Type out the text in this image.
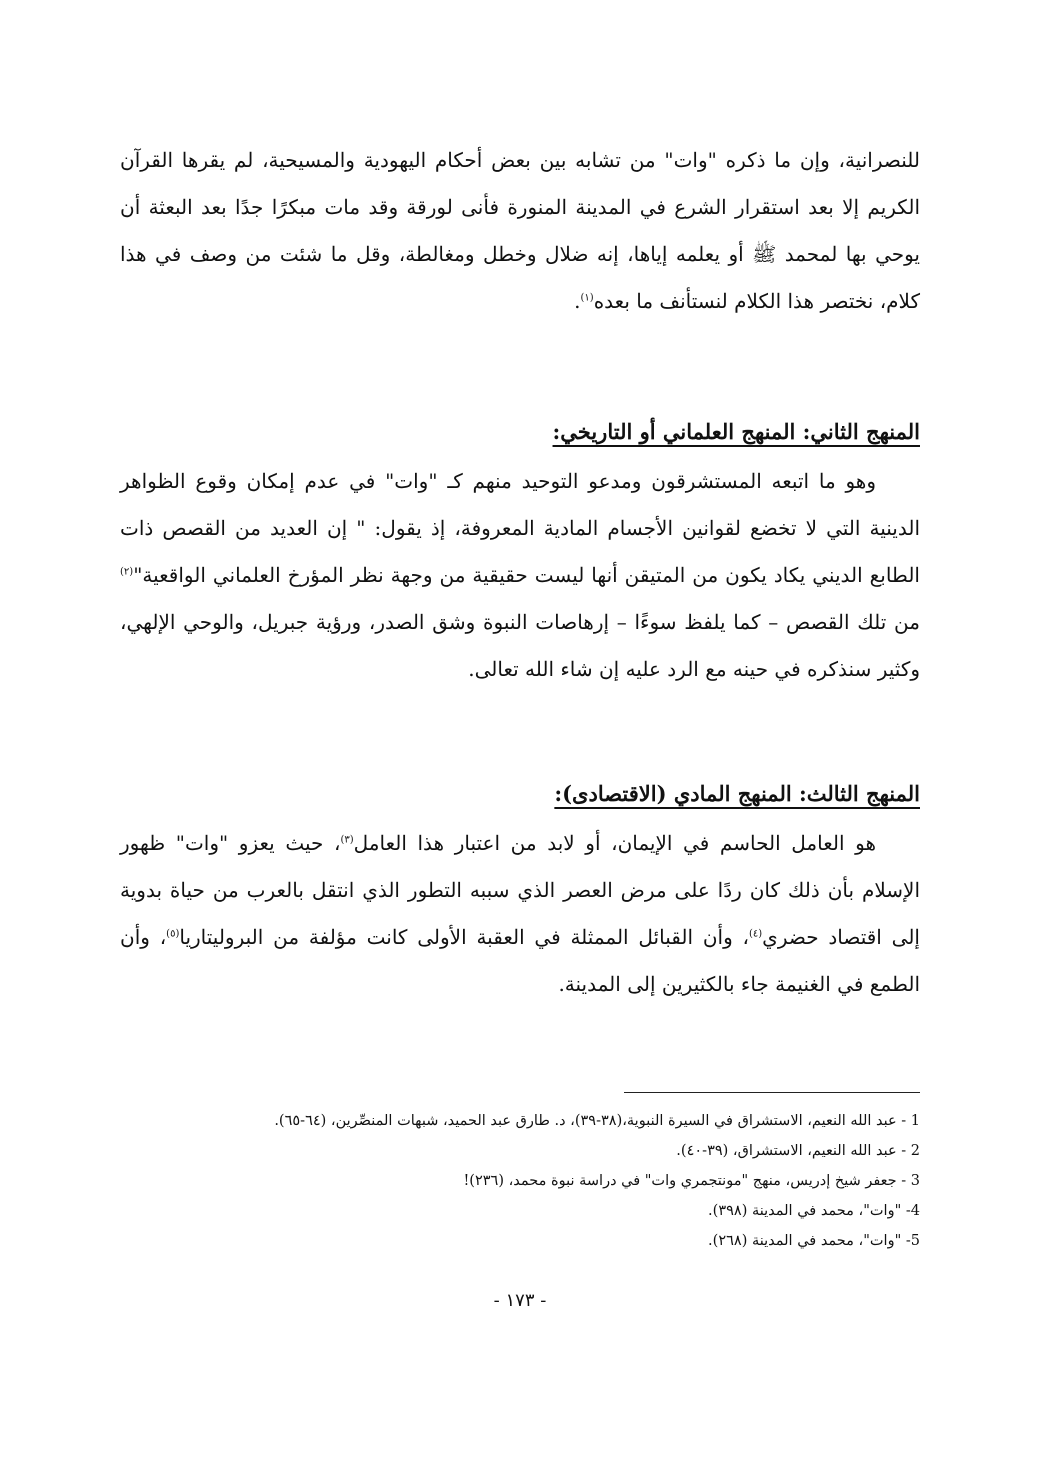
للنصرانية، وإن ما ذكره "وات" من تشابه بين بعض أحكام اليهودية والمسيحية، لم يقرها القرآن الكريم إلا بعد استقرار الشرع في المدينة المنورة فأنى لورقة وقد مات مبكرًا جدًا بعد البعثة أن يوحي بها لمحمد ﷺ أو يعلمه إياها، إنه ضلال وخطل ومغالطة، وقل ما شئت من وصف في هذا كلام، نختصر هذا الكلام لنستأنف ما بعده$^{(١)}$.

المنهج الثاني: المنهج العلماني أو التاريخي:

وهو ما اتبعه المستشرقون ومدعو التوحيد منهم كـ "وات" في عدم إمكان وقوع الظواهر الدينية التي لا تخضع لقوانين الأجسام المادية المعروفة، إذ يقول: " إن العديد من القصص ذات الطابع الديني يكاد يكون من المتيقن أنها ليست حقيقية من وجهة نظر المؤرخ العلماني الواقعية"$^{(٢)}$ من تلك القصص – كما يلفظ سوءًا – إرهاصات النبوة وشق الصدر، ورؤية جبريل، والوحي الإلهي، وكثير سنذكره في حينه مع الرد عليه إن شاء الله تعالى.

المنهج الثالث: المنهج المادي (الاقتصادى):

هو العامل الحاسم في الإيمان، أو لابد من اعتبار هذا العامل$^{(٣)}$، حيث يعزو "وات" ظهور الإسلام بأن ذلك كان ردًا على مرض العصر الذي سببه التطور الذي انتقل بالعرب من حياة بدوية إلى اقتصاد حضري$^{(٤)}$، وأن القبائل الممثلة في العقبة الأولى كانت مؤلفة من البروليتاريا$^{(٥)}$، وأن الطمع في الغنيمة جاء بالكثيرين إلى المدينة.

1 - عبد الله النعيم، الاستشراق في السيرة النبوية،(٣٨-٣٩)، د. طارق عبد الحميد، شبهات المنصِّرين، (٦٤-٦٥).

2 - عبد الله النعيم، الاستشراق، (٣٩-٤٠).

3 - جعفر شيخ إدريس، منهج "مونتجمري وات" في دراسة نبوة محمد، (٢٣٦)!

4- "وات"، محمد في المدينة (٣٩٨).

5- "وات"، محمد في المدينة (٢٦٨).

- ١٧٣ -
